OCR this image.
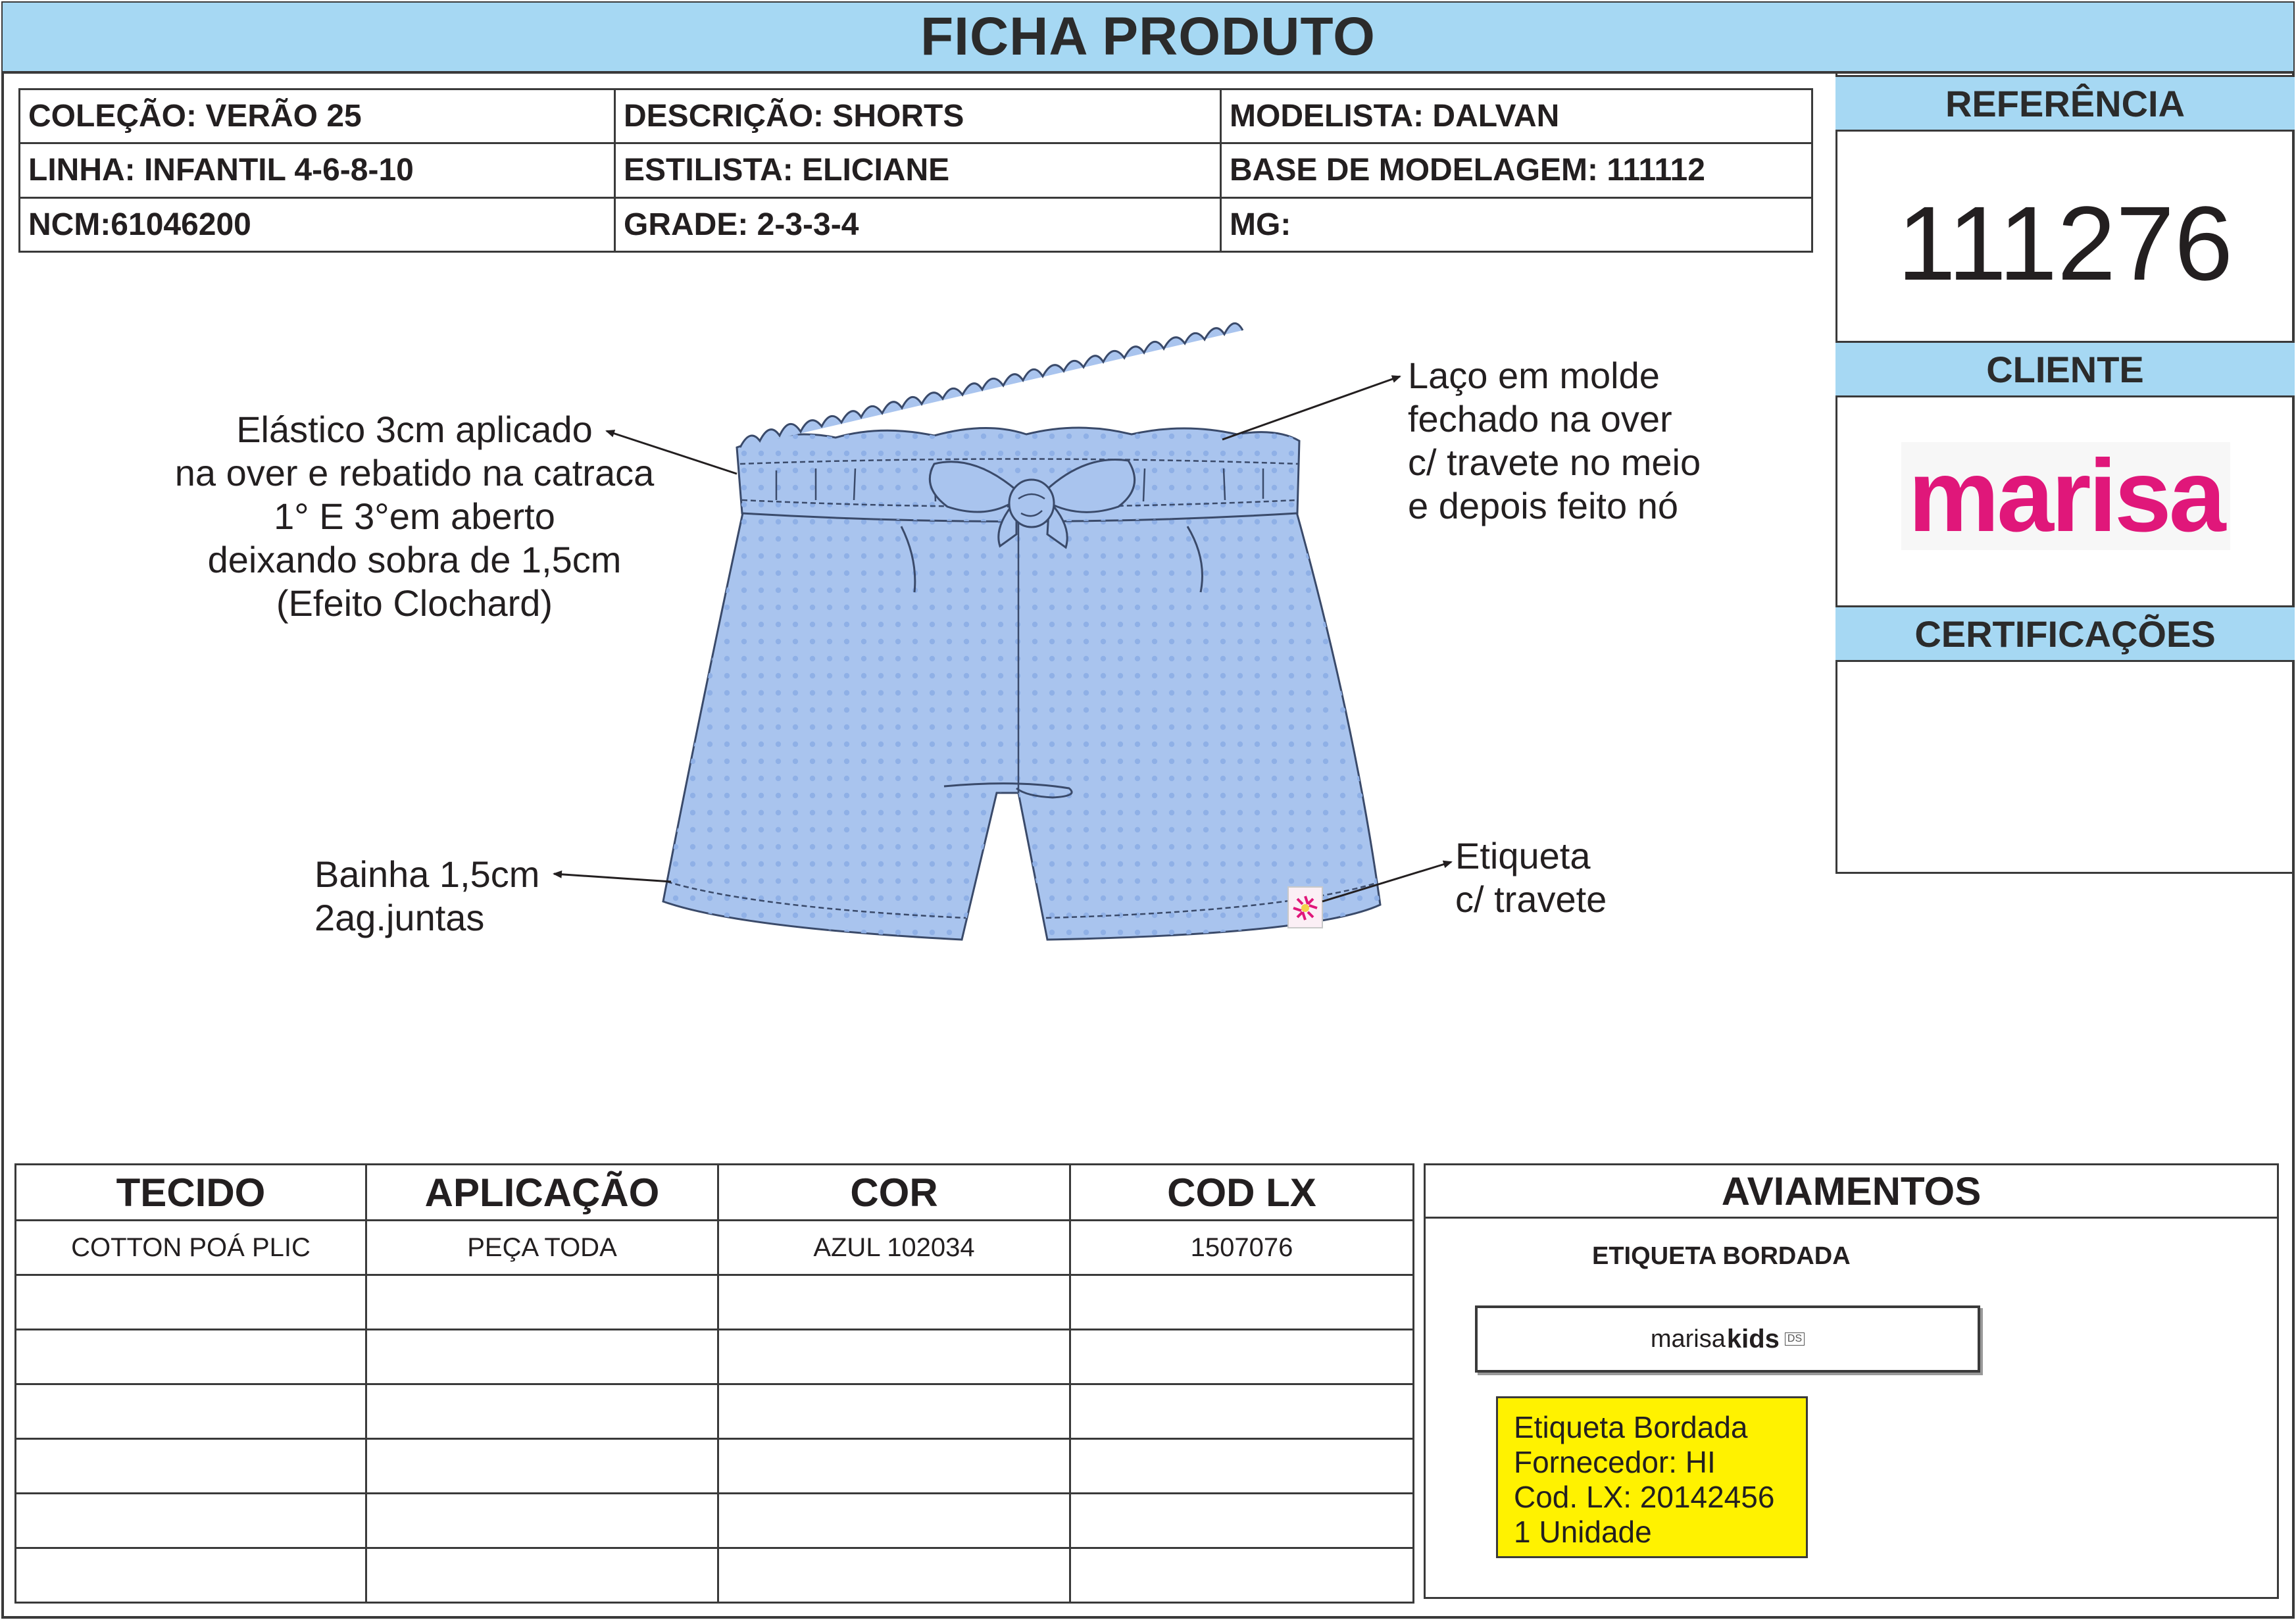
FICHA PRODUTO
COLEÇÃO: VERÃO 25	DESCRIÇÃO: SHORTS	MODELISTA: DALVAN
LINHA: INFANTIL 4-6-8-10	ESTILISTA: ELICIANE	BASE DE MODELAGEM: 111112
NCM:61046200	GRADE: 2-3-3-4	MG:
REFERÊNCIA
111276
CLIENTE
marisa
CERTIFICAÇÕES
Elástico 3cm aplicado
na over e rebatido na catraca
1° E 3°em aberto
deixando sobra de 1,5cm
(Efeito Clochard)
Laço em molde
fechado na over
c/ travete no meio
e depois feito nó
Bainha 1,5cm
2ag.juntas
Etiqueta
c/ travete
TECIDO	APLICAÇÃO	COR	COD LX
COTTON POÁ PLIC	PEÇA TODA	AZUL 102034	1507076

AVIAMENTOS
ETIQUETA BORDADA
marisa kids DS
Etiqueta Bordada
Fornecedor: HI
Cod. LX: 20142456
1 Unidade
